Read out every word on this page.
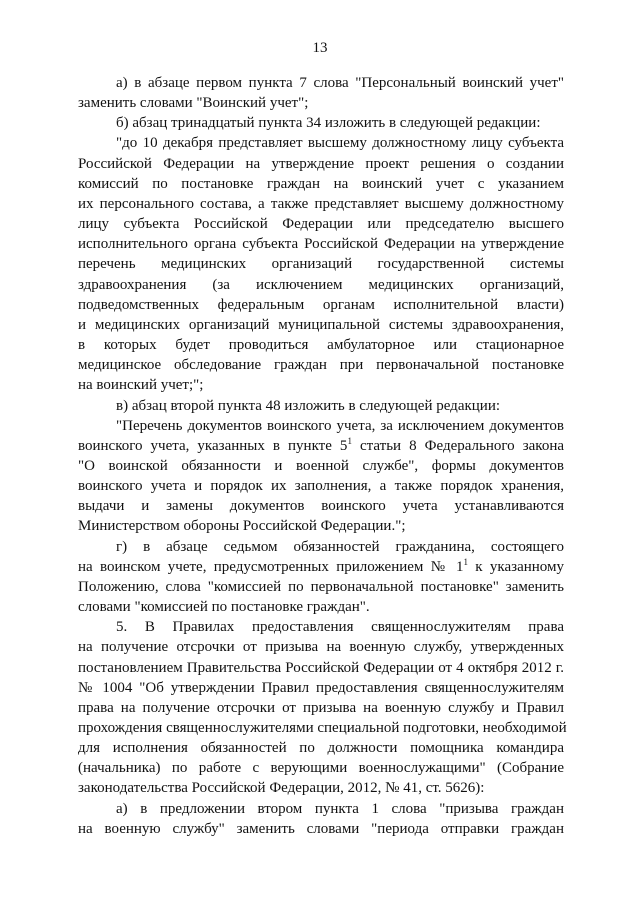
13
а) в абзаце первом пункта 7 слова "Персональный воинский учет"
заменить словами "Воинский учет";
б) абзац тринадцатый пункта 34 изложить в следующей редакции:
"до 10 декабря представляет высшему должностному лицу субъекта
Российской Федерации на утверждение проект решения о создании
комиссий по постановке граждан на воинский учет с указанием
их персонального состава, а также представляет высшему должностному
лицу субъекта Российской Федерации или председателю высшего
исполнительного органа субъекта Российской Федерации на утверждение
перечень медицинских организаций государственной системы
здравоохранения (за исключением медицинских организаций,
подведомственных федеральным органам исполнительной власти)
и медицинских организаций муниципальной системы здравоохранения,
в которых будет проводиться амбулаторное или стационарное
медицинское обследование граждан при первоначальной постановке
на воинский учет;";
в) абзац второй пункта 48 изложить в следующей редакции:
"Перечень документов воинского учета, за исключением документов
воинского учета, указанных в пункте $5^1$ статьи 8 Федерального закона
"О воинской обязанности и военной службе", формы документов
воинского учета и порядок их заполнения, а также порядок хранения,
выдачи и замены документов воинского учета устанавливаются
Министерством обороны Российской Федерации.";
г) в абзаце седьмом обязанностей гражданина, состоящего
на воинском учете, предусмотренных приложением № $1^1$ к указанному
Положению, слова "комиссией по первоначальной постановке" заменить
словами "комиссией по постановке граждан".
5. В Правилах предоставления священнослужителям права
на получение отсрочки от призыва на военную службу, утвержденных
постановлением Правительства Российской Федерации от 4 октября 2012 г.
№ 1004 "Об утверждении Правил предоставления священнослужителям
права на получение отсрочки от призыва на военную службу и Правил
прохождения священнослужителями специальной подготовки, необходимой
для исполнения обязанностей по должности помощника командира
(начальника) по работе с верующими военнослужащими" (Собрание
законодательства Российской Федерации, 2012, № 41, ст. 5626):
а) в предложении втором пункта 1 слова "призыва граждан
на военную службу" заменить словами "периода отправки граждан
